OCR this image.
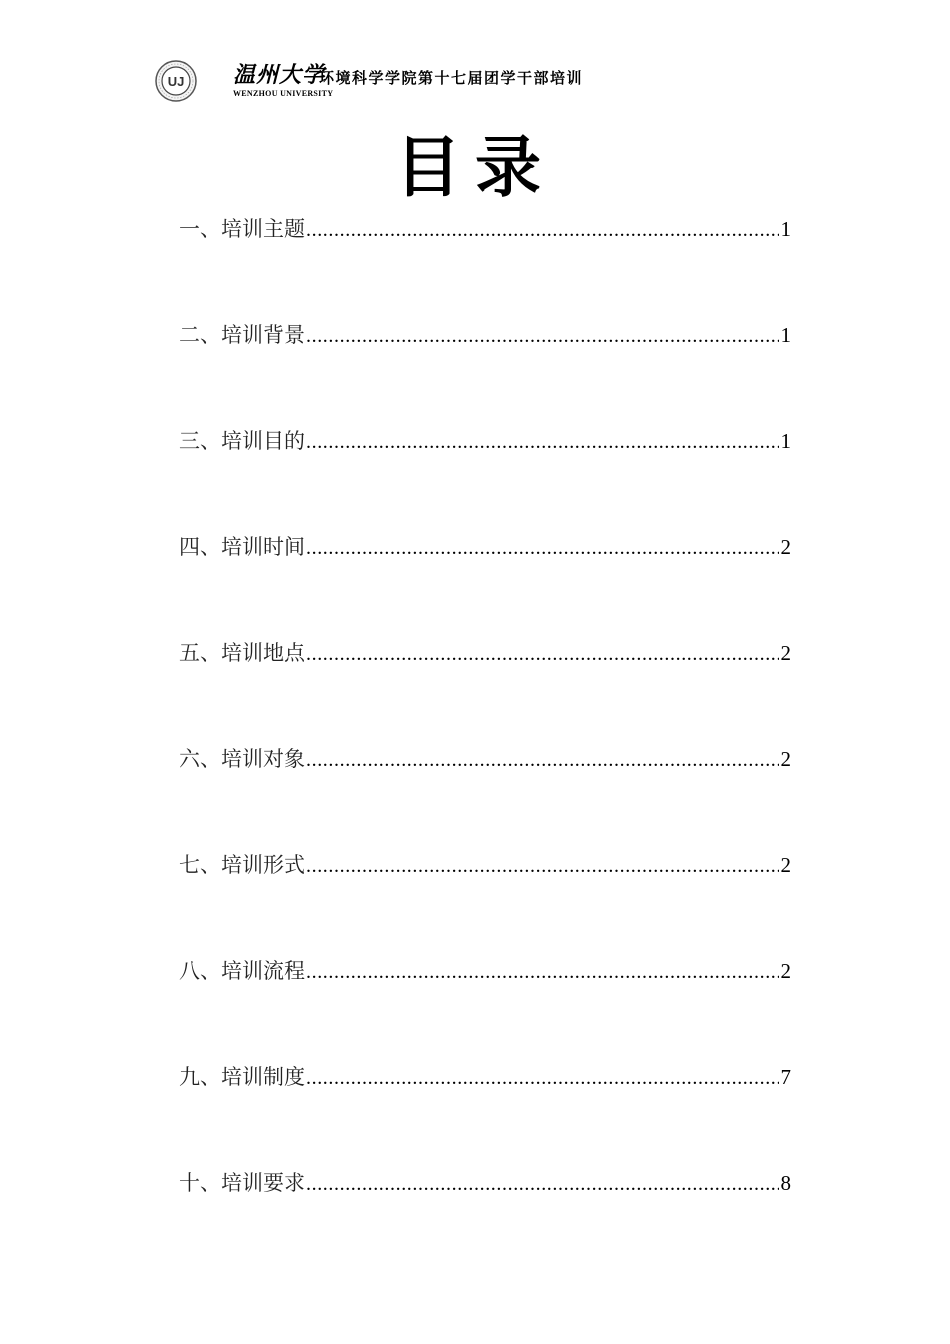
UJ 温州大学
WENZHOU UNIVERSITY
环境科学学院第十七届团学干部培训
目录
一、培训主题 .....	1
二、培训背景 .....	1
三、培训目的 .....	1
四、培训时间 .....	2
五、培训地点 .....	2
六、培训对象 .....	2
七、培训形式 .....	2
八、培训流程 .....	2
九、培训制度 .....	7
十、培训要求 .....	8
